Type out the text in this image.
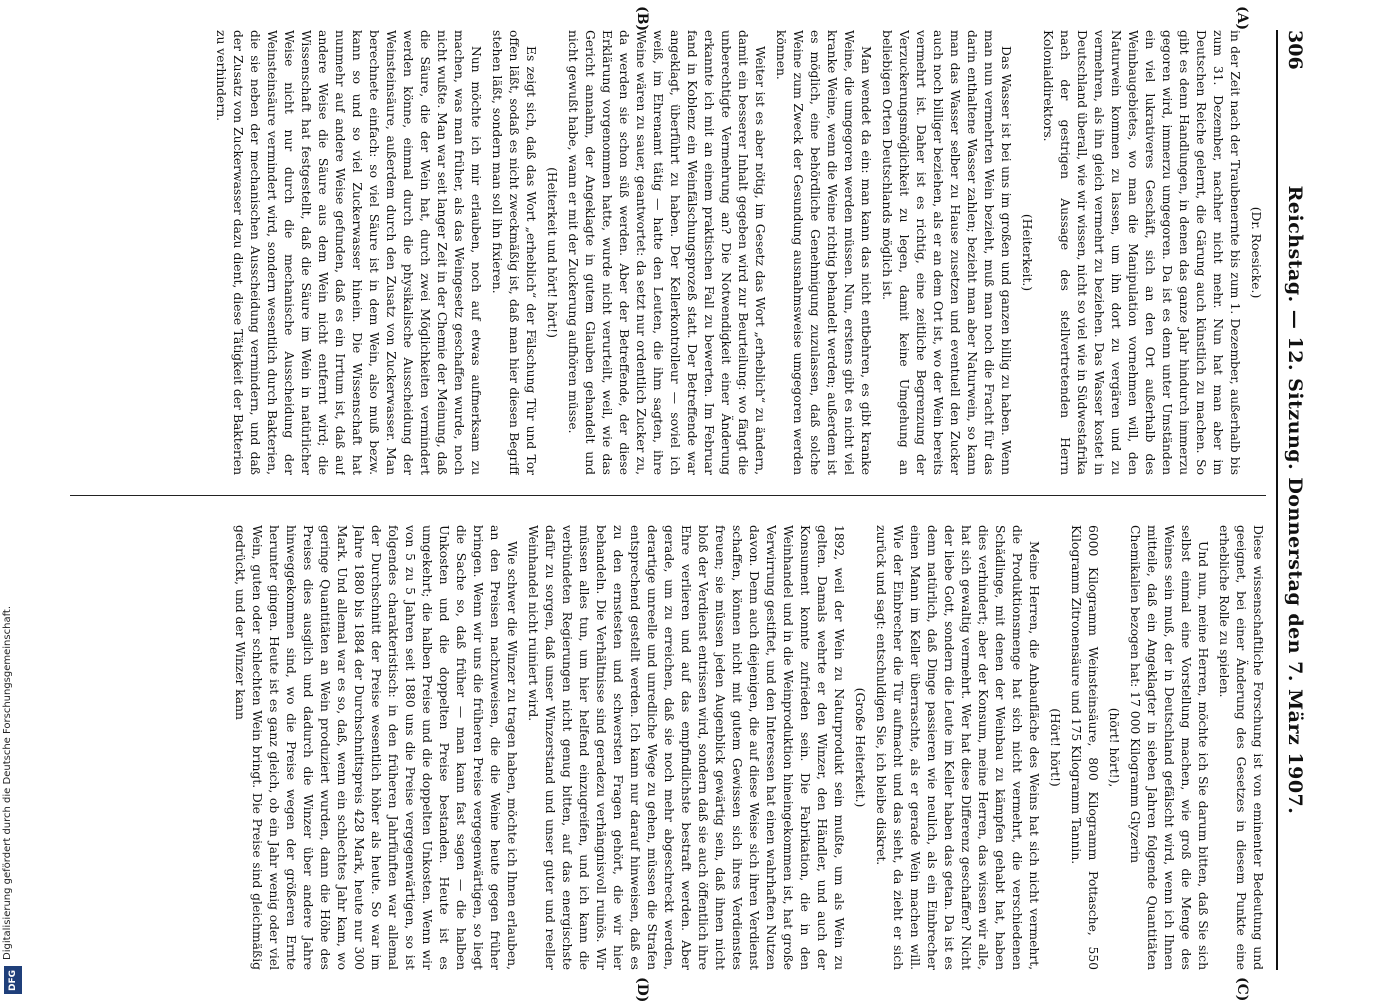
Digitalisierung gefördert durch die Deutsche Forschungsgemeinschaft.
DFG
306
Reichstag. — 12. Sitzung. Donnerstag den 7. März 1907.
(A)
(B)
(C)
(D)

(Dr. Roesicke.)

in der Zeit nach der Traubenernte bis zum 1. Dezember, außerhalb bis zum 31. Dezember, nachher nicht mehr. Nun hat man aber im Deutschen Reiche gelernt, die Gärung auch künstlich zu machen. So gibt es denn Handlungen, in denen das ganze Jahr hindurch immerzu gegoren wird, immerzu umgegoren. Da ist es denn unter Umständen ein viel lukrativeres Geschäft, sich an den Ort außerhalb des Weinbaugebietes, wo man die Manipulation vornehmen will, den Naturwein kommen zu lassen, um ihn dort zu vergären und zu vermehren, als ihn gleich vermehrt zu beziehen. Das Wasser kostet in Deutschland überall, wie wir wissen, nicht so viel wie in Südwestafrika nach der gestrigen Aussage des stellvertretenden Herrn Kolonialdirektors.

(Heiterkeit.)

Das Wasser ist bei uns im großen und ganzen billig zu haben. Wenn man nun vermehrten Wein bezieht, muß man noch die Fracht für das darin enthaltene Wasser zahlen; bezieht man aber Naturwein, so kann man das Wasser selber zu Hause zusetzen und eventuell den Zucker auch noch billiger beziehen, als er an dem Ort ist, wo der Wein bereits vermehrt ist. Daher ist es richtig, eine zeitliche Begrenzung der Verzuckerungsmöglichkeit zu legen, damit keine Umgehung an beliebigen Orten Deutschlands möglich ist.

Man wendet da ein: man kann das nicht entbehren, es gibt kranke Weine, die umgegoren werden müssen. Nun, erstens gibt es nicht viel kranke Weine, wenn die Weine richtig behandelt werden; außerdem ist es möglich, eine behördliche Genehmigung zuzulassen, daß solche Weine zum Zweck der Gesundung ausnahmsweise umgegoren werden können.

Weiter ist es aber nötig, im Gesetz das Wort „erheblich“ zu ändern, damit ein besserer Inhalt gegeben wird zur Beurteilung: wo fängt die unberechtigte Vermehrung an? Die Notwendigkeit einer Änderung erkannte ich mit an einem praktischen Fall zu bewerten. Im Februar fand in Koblenz ein Weinfälschungsprozeß statt. Der Betreffende war angeklagt, überführt zu haben. Der Kellerkontrolleur — soviel ich weiß, im Ehrenamt tätig — hatte den Leuten, die ihm sagten, ihre Weine wären zu sauer, geantwortet: da setzt nur ordentlich Zucker zu, da werden sie schon süß werden. Aber der Betreffende, der diese Erklärung vorgenommen hatte, wurde nicht verurteilt, weil, wie das Gericht annahm, der Angeklagte in gutem Glauben gehandelt und nicht gewußt habe, wann er mit der Zuckerung aufhören müsse.

(Heiterkeit und hört! hört!)

Es zeigt sich, daß das Wort „erheblich“ der Fälschung Tür und Tor offen läßt, sodaß es nicht zweckmäßig ist, daß man hier diesen Begriff stehen läßt, sondern man soll ihn fixieren.

Nun möchte ich mir erlauben, noch auf etwas aufmerksam zu machen, was man früher, als das Weingesetz geschaffen wurde, noch nicht wußte. Man war seit langer Zeit in der Chemie der Meinung, daß die Säure, die der Wein hat, durch zwei Möglichkeiten vermindert werden könne, einmal durch die physikalische Ausscheidung der Weinsteinsäure, außerdem durch den Zusatz von Zuckerwasser. Man berechnete einfach: so viel Säure ist in dem Wein, also muß bezw. kann so und so viel Zuckerwasser hinein. Die Wissenschaft hat nunmehr auf andere Weise gefunden, daß es ein Irrtum ist, daß auf andere Weise die Säure aus dem Wein nicht entfernt wird; die Wissenschaft hat festgestellt, daß die Säure im Wein in natürlicher Weise nicht nur durch die mechanische Ausscheidung der Weinsteinsäure vermindert wird, sondern wesentlich durch Bakterien, die sie neben der mechanischen Ausscheidung vermindern, und daß der Zusatz von Zuckerwasser dazu dient, diese Tätigkeit der Bakterien zu verhindern.

Diese wissenschaftliche Forschung ist von eminenter Bedeutung und geeignet, bei einer Änderung des Gesetzes in diesem Punkte eine erhebliche Rolle zu spielen.

Und nun, meine Herren, möchte ich Sie darum bitten, daß Sie sich selbst einmal eine Vorstellung machen, wie groß die Menge des Weines sein muß, der in Deutschland gefälscht wird, wenn ich Ihnen mitteile, daß ein Angeklagter in sieben Jahren folgende Quantitäten Chemikalien bezogen hat: 17 000 Kilogramm Glyzerin

(hört! hört!),

6000 Kilogramm Weinsteinsäure, 800 Kilogramm Pottasche, 550 Kilogramm Zitronensäure und 175 Kilogramm Tannin.

(Hört! hört!)

Meine Herren, die Anbaufläche des Weins hat sich nicht vermehrt, die Produktionsmenge hat sich nicht vermehrt, die verschiedenen Schädlinge, mit denen der Weinbau zu kämpfen gehabt hat, haben dies verhindert; aber der Konsum, meine Herren, das wissen wir alle, hat sich gewaltig vermehrt. Wer hat diese Differenz geschaffen? Nicht der liebe Gott, sondern die Leute im Keller haben das getan. Da ist es denn natürlich, daß Dinge passieren wie neulich, als ein Einbrecher einen Mann im Keller überraschte, als er gerade Wein machen will. Wie der Einbrecher die Tür aufmacht und das sieht, da zieht er sich zurück und sagt: entschuldigen Sie, ich bleibe diskret.

(Große Heiterkeit.)

1892, weil der Wein zu Naturprodukt sein mußte, um als Wein zu gelten. Damals wehrte er den Winzer, den Händler, und auch der Konsument konnte zufrieden sein. Die Fabrikation, die in den Weinhandel und in die Weinproduktion hineingekommen ist, hat große Verwirrung gestiftet, und den Interessen hat einen wahrhaften Nutzen davon. Denn auch diejenigen, die auf diese Weise sich ihren Verdienst schaffen, können nicht mit gutem Gewissen sich ihres Verdienstes freuen; sie müssen jeden Augenblick gewärtig sein, daß ihnen nicht bloß der Verdienst entrissen wird, sondern daß sie auch öffentlich ihre Ehre verlieren und auf das empfindlichste bestraft werden. Aber gerade, um zu erreichen, daß sie noch mehr abgeschreckt werden, derartige unreelle und unredliche Wege zu gehen, müssen die Strafen entsprechend gestellt werden. Ich kann nur darauf hinweisen, daß es zu den ernstesten und schwersten Fragen gehört, die wir hier behandeln. Die Verhältnisse sind geradezu verhängnisvoll ruinös. Wir müssen alles tun, um hier helfend einzugreifen, und ich kann die verbündeten Regierungen nicht genug bitten, auf das energischste dafür zu sorgen, daß unser Winzerstand und unser guter und reeller Weinhandel nicht ruiniert wird.

Wie schwer die Winzer zu tragen haben, möchte ich Ihnen erlauben, an den Preisen nachzuweisen, die die Weine heute gegen früher bringen. Wenn wir uns die früheren Preise vergegenwärtigen, so liegt die Sache so, daß früher — man kann fast sagen — die halben Unkosten und die doppelten Preise bestanden. Heute ist es umgekehrt; die halben Preise und die doppelten Unkosten. Wenn wir von 5 zu 5 Jahren seit 1880 uns die Preise vergegenwärtigen, so ist folgendes charakteristisch: in den früheren Jahrfünften war allemal der Durchschnitt der Preise wesentlich höher als heute. So war im Jahre 1880 bis 1884 der Durchschnittspreis 428 Mark, heute nur 300 Mark. Und allemal war es so, daß, wenn ein schlechtes Jahr kam, wo geringe Quantitäten an Wein produziert wurden, dann die Höhe des Preises dies ausglich und dadurch die Winzer über andere Jahre hinweggekommen sind, wo die Preise wegen der größeren Ernte herunter gingen. Heute ist es ganz gleich, ob ein Jahr wenig oder viel Wein, guten oder schlechten Wein bringt. Die Preise sind gleichmäßig gedrückt, und der Winzer kann
